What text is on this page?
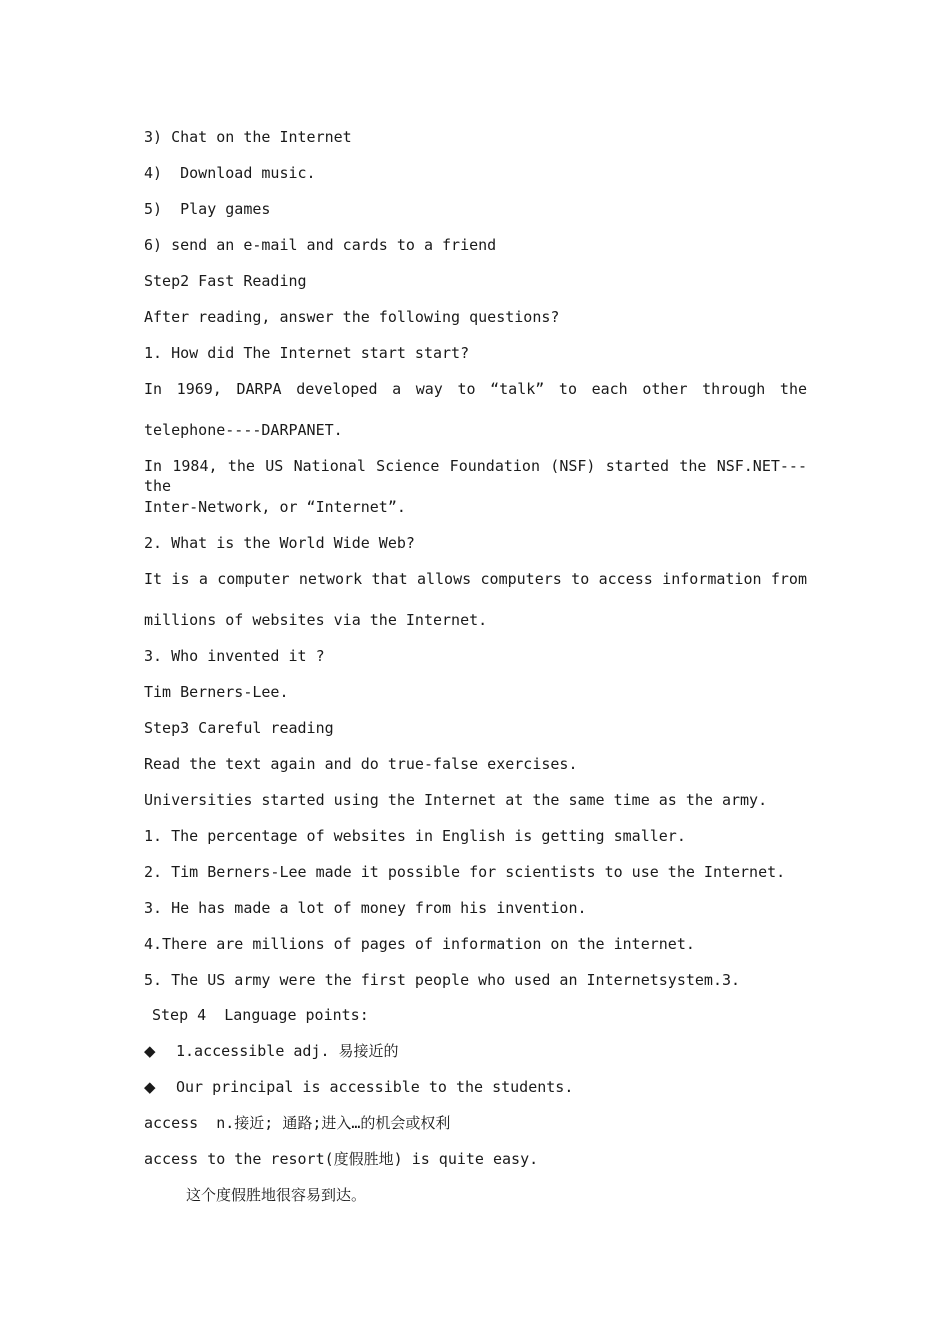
3) Chat on the Internet
4)  Download music.
5)  Play games
6) send an e-mail and cards to a friend
Step2 Fast Reading
After reading, answer the following questions?
1. How did The Internet start start?
In 1969, DARPA developed a way to “talk” to each other through the
telephone----DARPANET.
In 1984, the US National Science Foundation (NSF) started the NSF.NET---the
Inter-Network, or “Internet”.
2. What is the World Wide Web?
It is a computer network that allows computers to access information from
millions of websites via the Internet.
3. Who invented it ?
Tim Berners-Lee.
Step3 Careful reading
Read the text again and do true-false exercises.
Universities started using the Internet at the same time as the army.
1. The percentage of websites in English is getting smaller.
2. Tim Berners-Lee made it possible for scientists to use the Internet.
3. He has made a lot of money from his invention.
4.There are millions of pages of information on the internet.
5. The US army were the first people who used an Internetsystem.3.
Step 4  Language points:
◆	1.accessible adj. 易接近的
◆	Our principal is accessible to the students.
access  n.接近; 通路;进入…的机会或权利
access to the resort(度假胜地) is quite easy.
这个度假胜地很容易到达。
